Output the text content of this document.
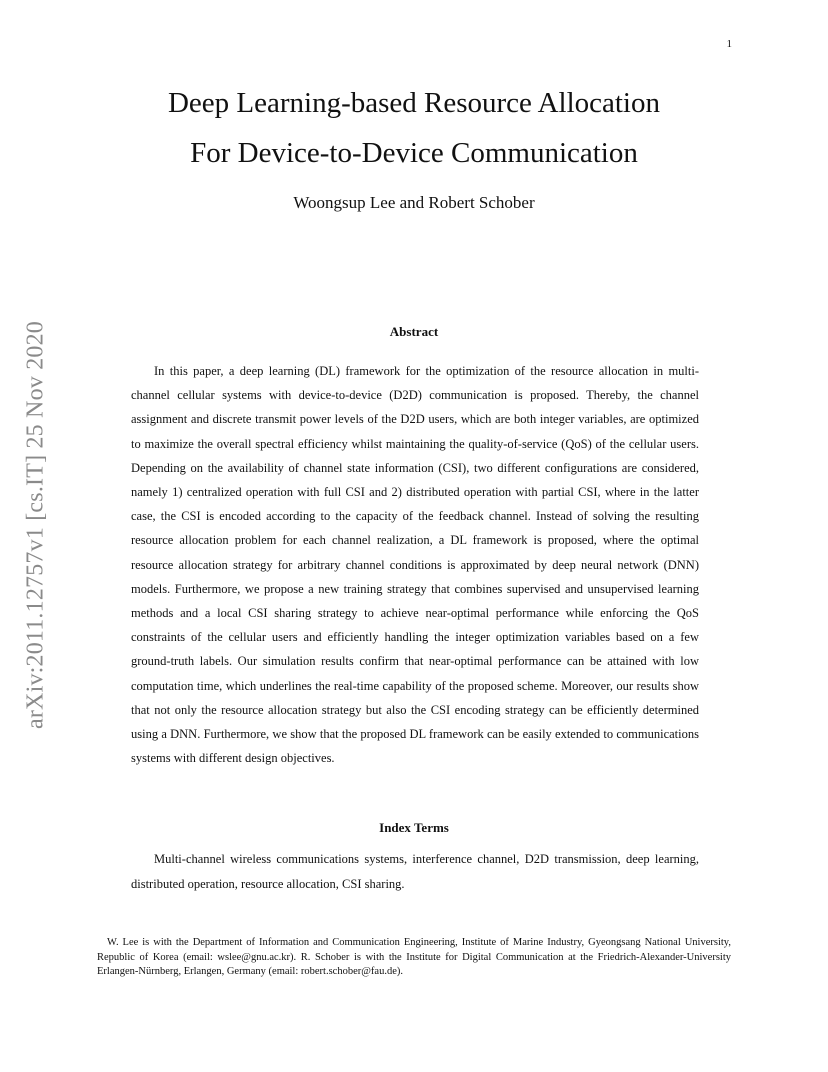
1
arXiv:2011.12757v1 [cs.IT] 25 Nov 2020
Deep Learning-based Resource Allocation
For Device-to-Device Communication
Woongsup Lee and Robert Schober
Abstract

In this paper, a deep learning (DL) framework for the optimization of the resource allocation in multi-channel cellular systems with device-to-device (D2D) communication is proposed. Thereby, the channel assignment and discrete transmit power levels of the D2D users, which are both integer variables, are optimized to maximize the overall spectral efficiency whilst maintaining the quality-of-service (QoS) of the cellular users. Depending on the availability of channel state information (CSI), two different configurations are considered, namely 1) centralized operation with full CSI and 2) distributed operation with partial CSI, where in the latter case, the CSI is encoded according to the capacity of the feedback channel. Instead of solving the resulting resource allocation problem for each channel realization, a DL framework is proposed, where the optimal resource allocation strategy for arbitrary channel conditions is approximated by deep neural network (DNN) models. Furthermore, we propose a new training strategy that combines supervised and unsupervised learning methods and a local CSI sharing strategy to achieve near-optimal performance while enforcing the QoS constraints of the cellular users and efficiently handling the integer optimization variables based on a few ground-truth labels. Our simulation results confirm that near-optimal performance can be attained with low computation time, which underlines the real-time capability of the proposed scheme. Moreover, our results show that not only the resource allocation strategy but also the CSI encoding strategy can be efficiently determined using a DNN. Furthermore, we show that the proposed DL framework can be easily extended to communications systems with different design objectives.

Index Terms

Multi-channel wireless communications systems, interference channel, D2D transmission, deep learning, distributed operation, resource allocation, CSI sharing.

W. Lee is with the Department of Information and Communication Engineering, Institute of Marine Industry, Gyeongsang National University, Republic of Korea (email: wslee@gnu.ac.kr). R. Schober is with the Institute for Digital Communication at the Friedrich-Alexander-University Erlangen-Nürnberg, Erlangen, Germany (email: robert.schober@fau.de).
